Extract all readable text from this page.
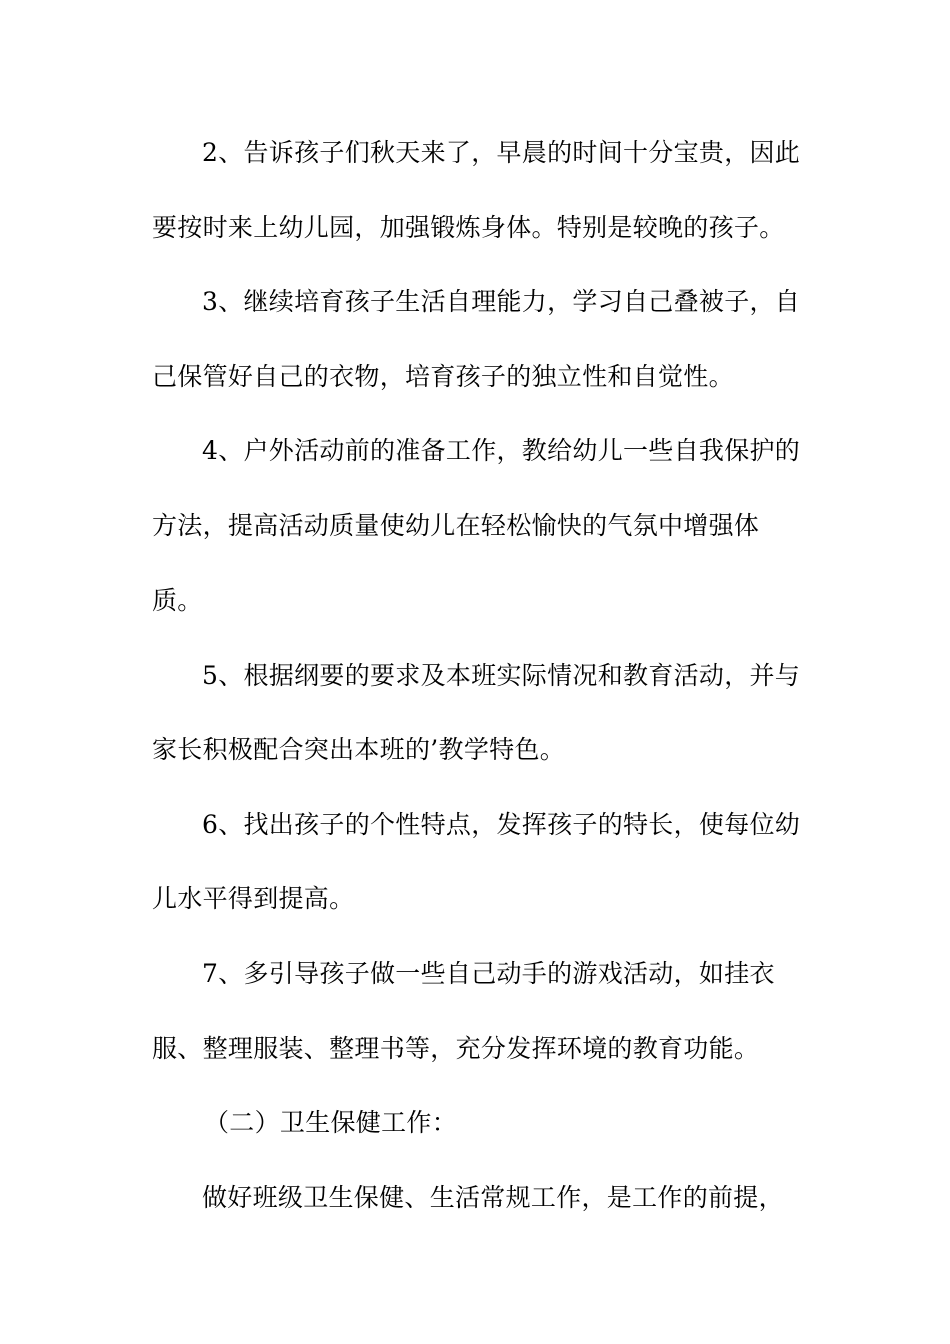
2、告诉孩子们秋天来了，早晨的时间十分宝贵，因此
要按时来上幼儿园，加强锻炼身体。特别是较晚的孩子。
3、继续培育孩子生活自理能力，学习自己叠被子，自
己保管好自己的衣物，培育孩子的独立性和自觉性。
4、户外活动前的准备工作，教给幼儿一些自我保护的
方法，提高活动质量使幼儿在轻松愉快的气氛中增强体
质。
5、根据纲要的要求及本班实际情况和教育活动，并与
家长积极配合突出本班的’教学特色。
6、找出孩子的个性特点，发挥孩子的特长，使每位幼
儿水平得到提高。
7、多引导孩子做一些自己动手的游戏活动，如挂衣
服、整理服装、整理书等，充分发挥环境的教育功能。
（二）卫生保健工作：
做好班级卫生保健、生活常规工作，是工作的前提，
